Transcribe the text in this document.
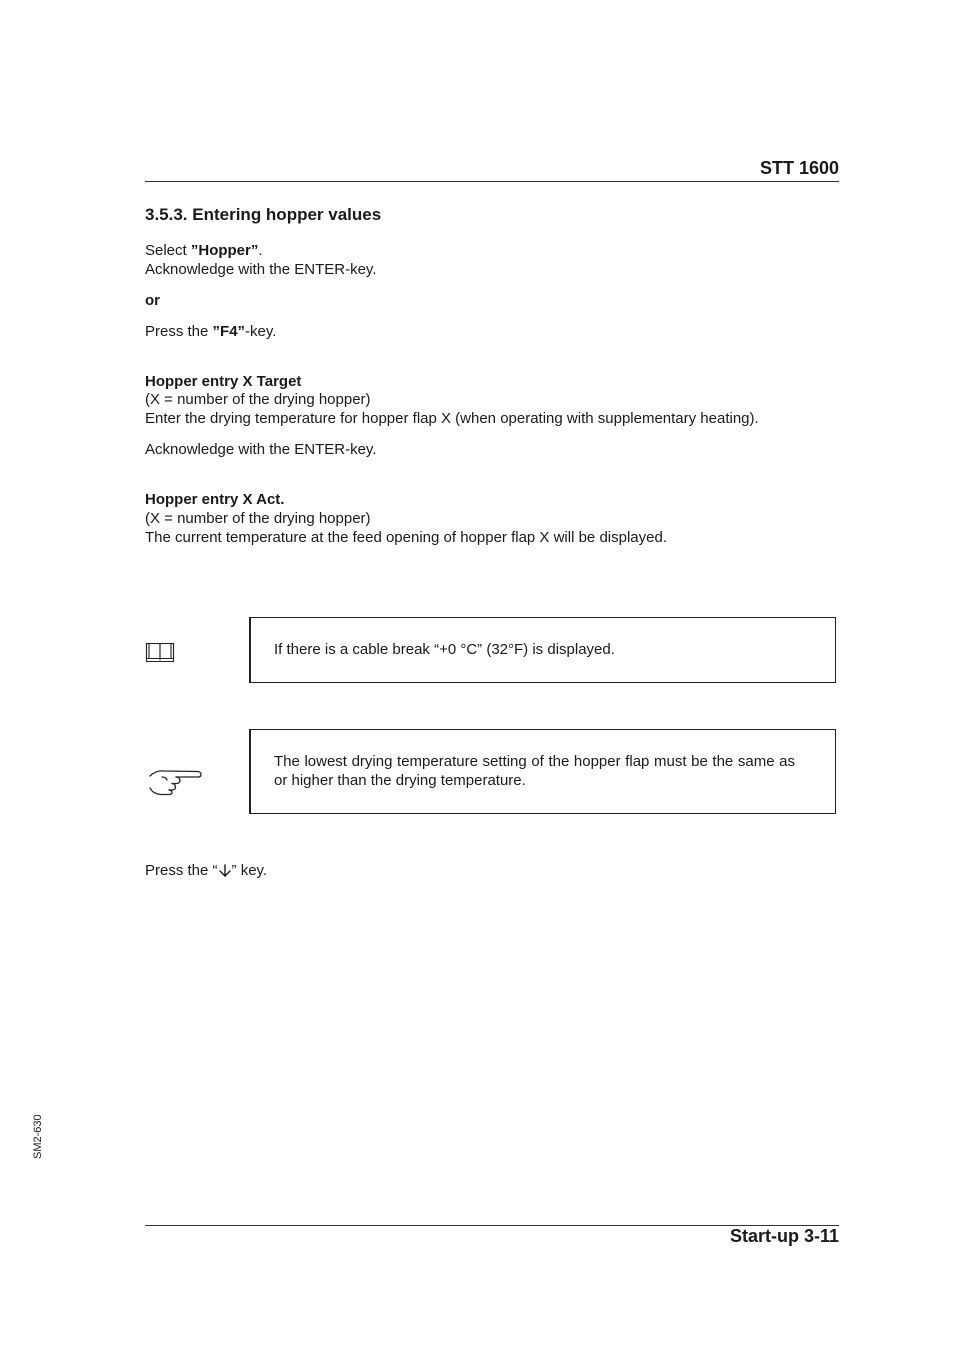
STT 1600
3.5.3. Entering hopper values
Select ”Hopper”.
Acknowledge with the ENTER-key.
or
Press the ”F4”-key.
Hopper entry X Target
(X = number of the drying hopper)
Enter the drying temperature for hopper flap X (when operating with supplementary heating).
Acknowledge with the ENTER-key.
Hopper entry X Act.
(X = number of the drying hopper)
The current temperature at the feed opening of hopper flap X will be displayed.

If there is a cable break “+0 °C” (32°F) is displayed.

The lowest drying temperature setting of the hopper flap must be the same as or higher than the drying temperature.

Press the “ ” key.
SM2-630
Start-up 3-11
